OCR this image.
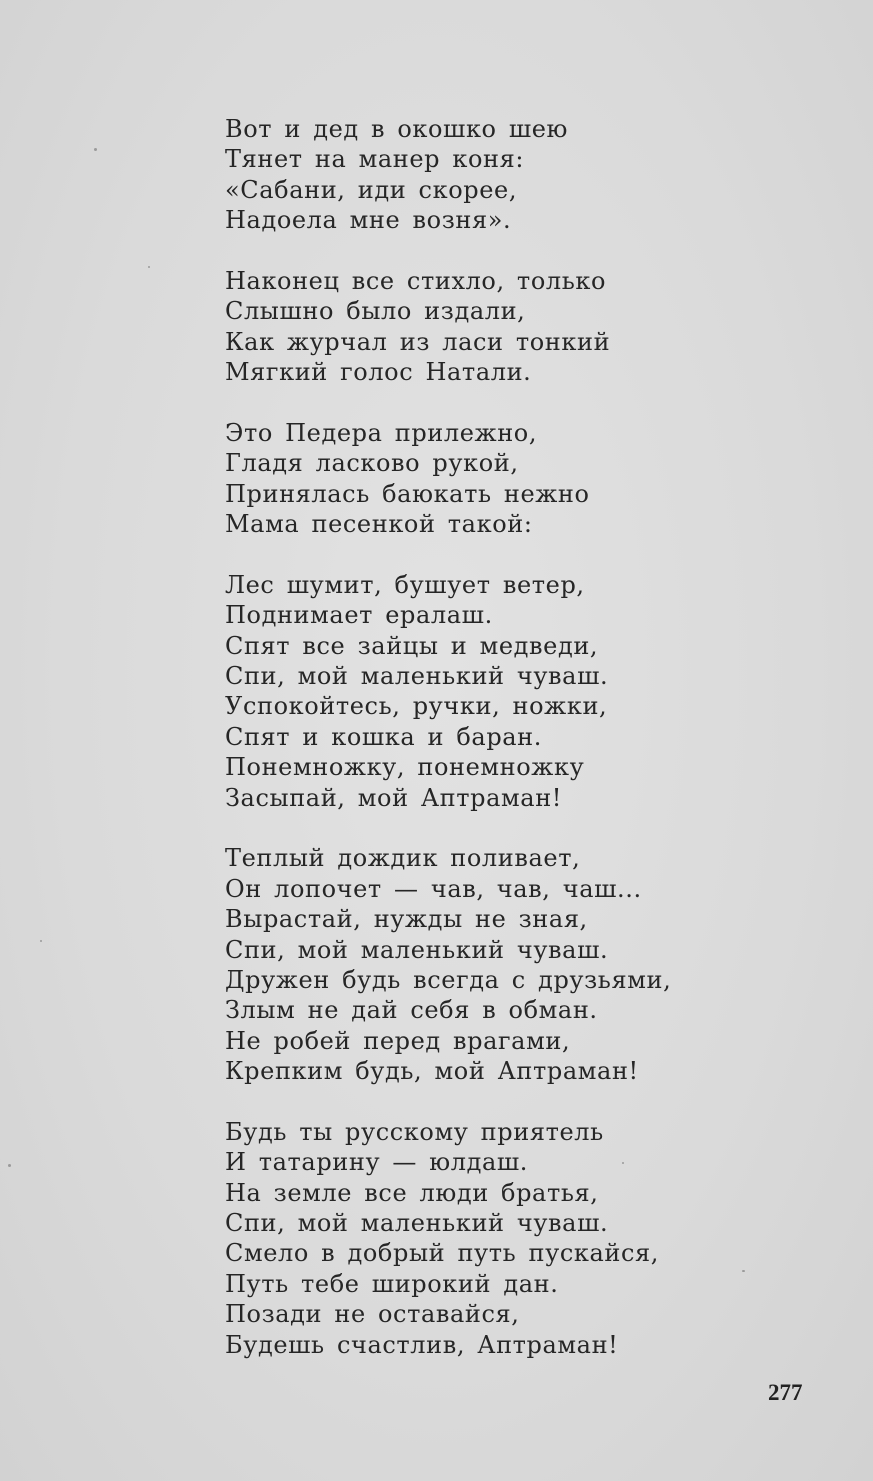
Вот и дед в окошко шею
Тянет на манер коня:
«Сабани, иди скорее,
Надоела мне возня».
Наконец все стихло, только
Слышно было издали,
Как журчал из ласи тонкий
Мягкий голос Натали.
Это Педера прилежно,
Гладя ласково рукой,
Принялась баюкать нежно
Мама песенкой такой:
Лес шумит, бушует ветер,
Поднимает ералаш.
Спят все зайцы и медведи,
Спи, мой маленький чуваш.
Успокойтесь, ручки, ножки,
Спят и кошка и баран.
Понемножку, понемножку
Засыпай, мой Аптраман!
Теплый дождик поливает,
Он лопочет — чав, чав, чаш...
Вырастай, нужды не зная,
Спи, мой маленький чуваш.
Дружен будь всегда с друзьями,
Злым не дай себя в обман.
Не робей перед врагами,
Крепким будь, мой Аптраман!
Будь ты русскому приятель
И татарину — юлдаш.
На земле все люди братья,
Спи, мой маленький чуваш.
Смело в добрый путь пускайся,
Путь тебе широкий дан.
Позади не оставайся,
Будешь счастлив, Аптраман!
277
